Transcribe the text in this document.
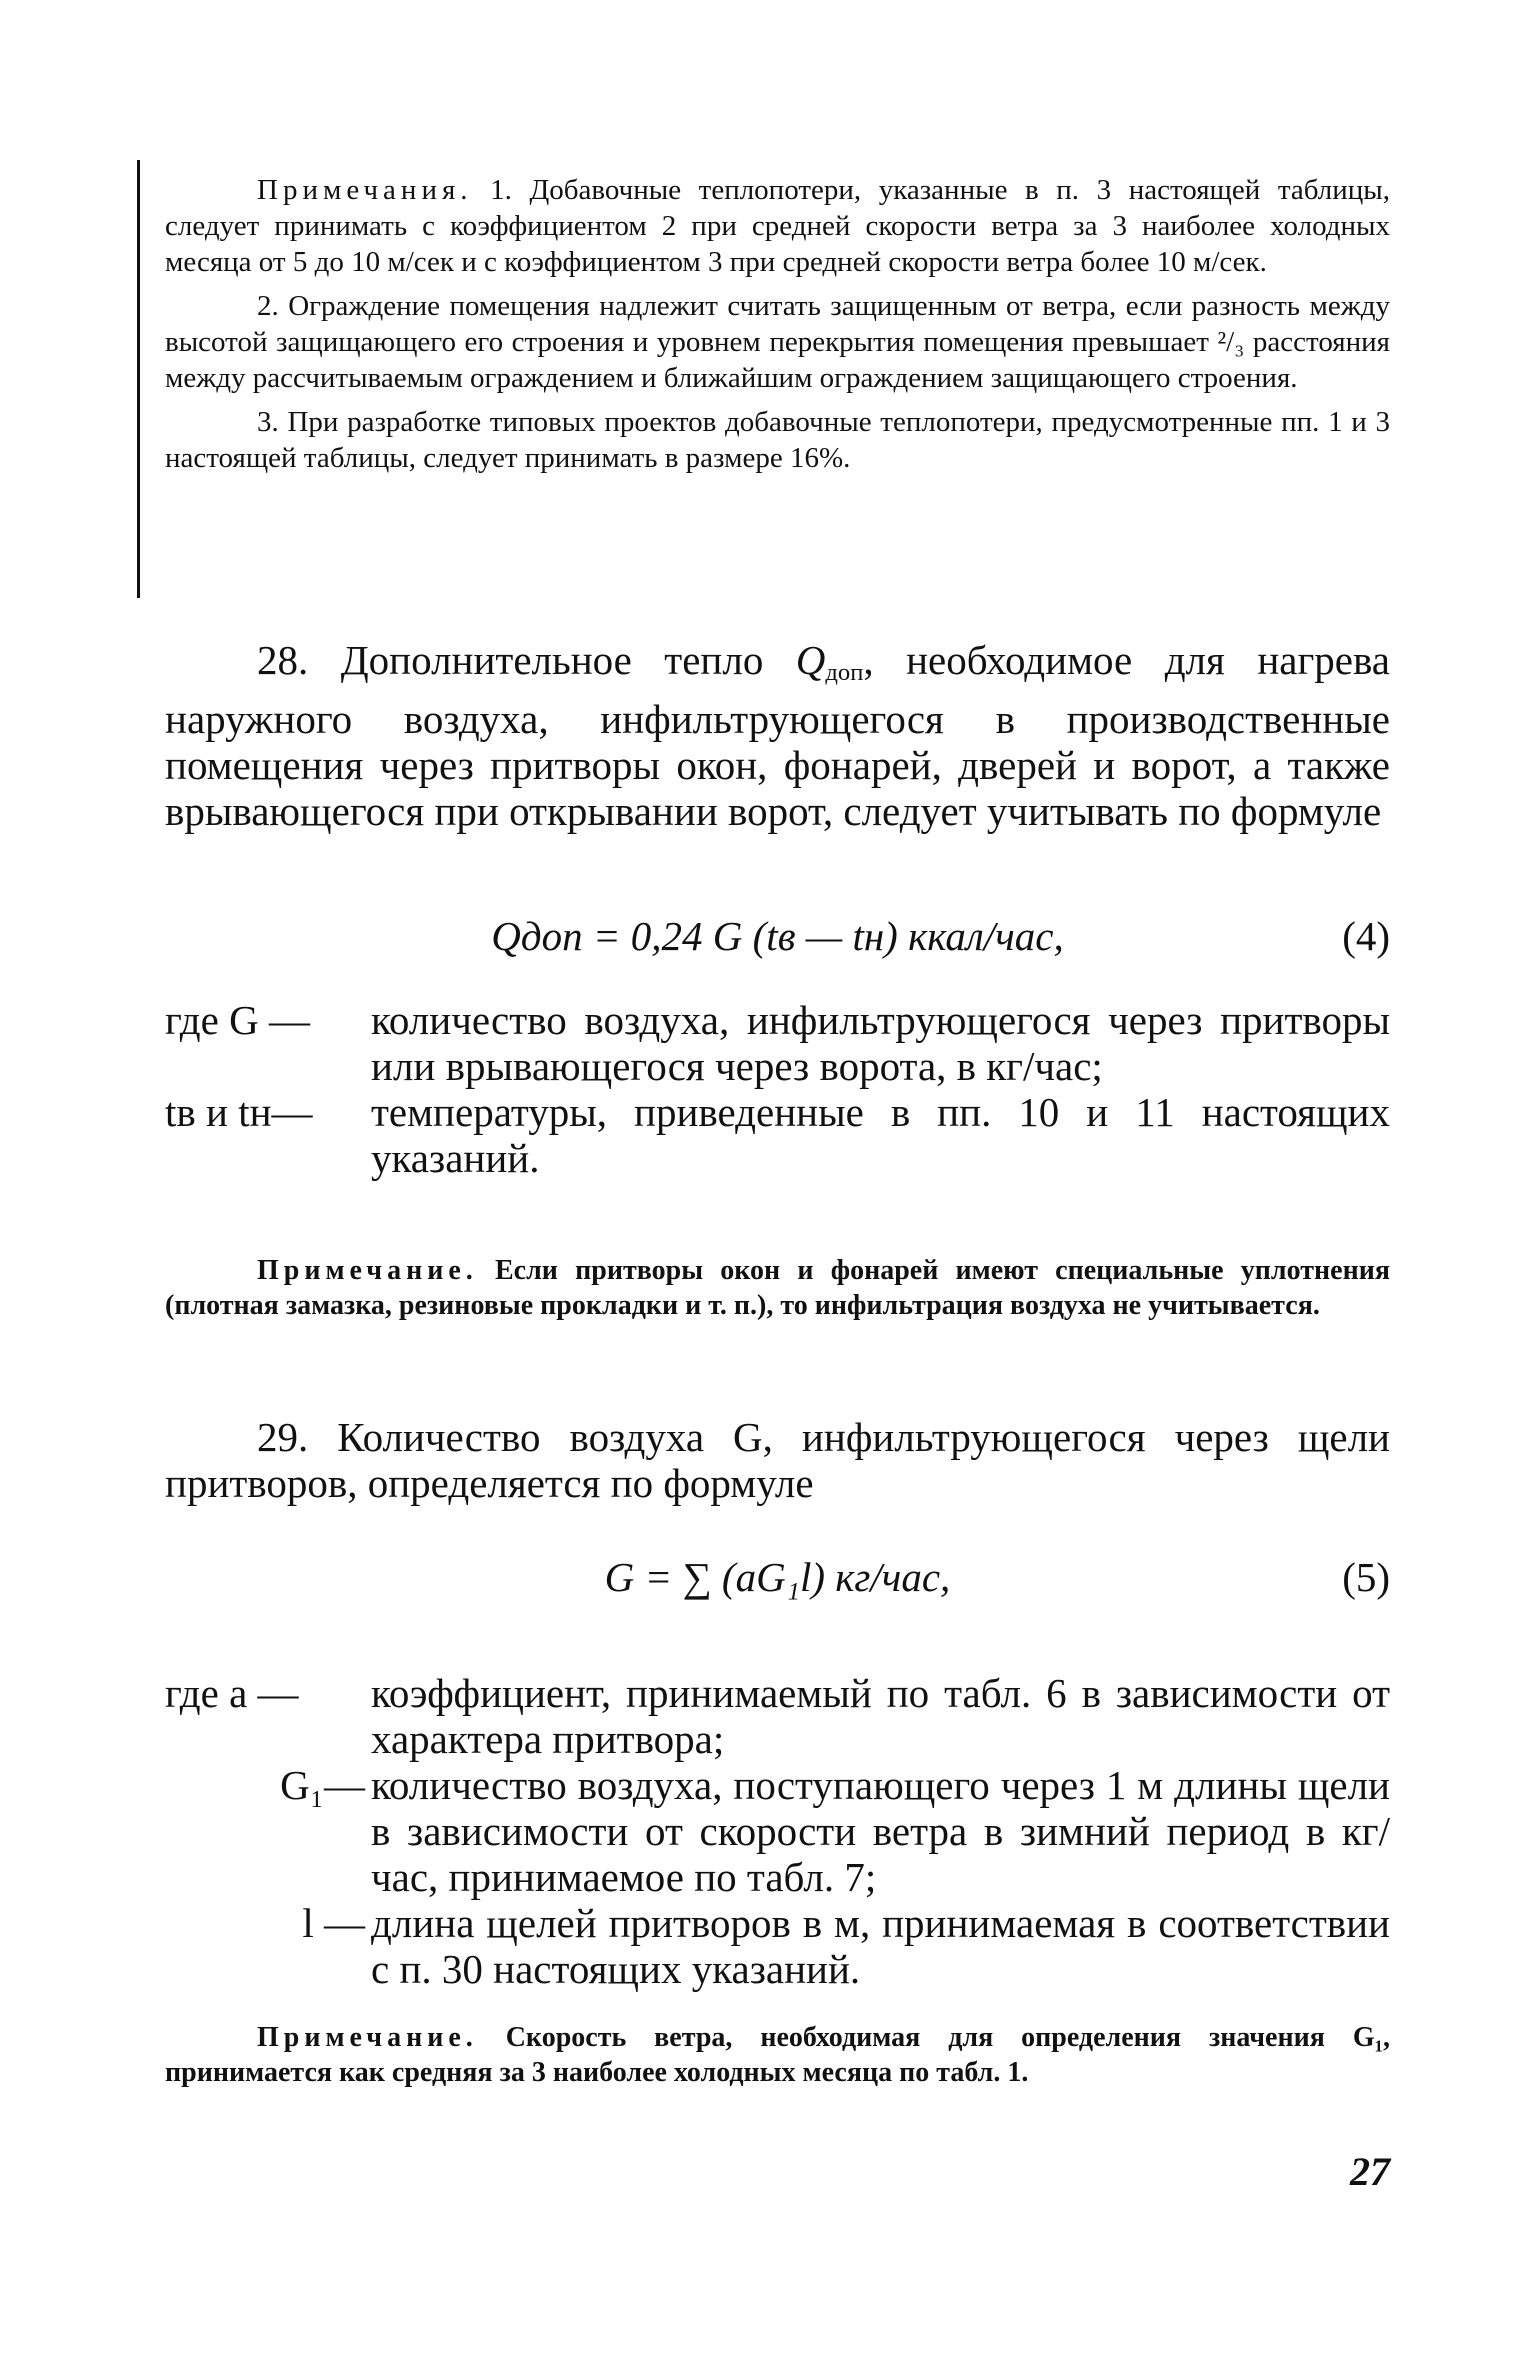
Примечания. 1. Добавочные теплопотери, указанные в п. 3 настоящей таблицы, следует принимать с коэффициентом 2 при средней скорости ветра за 3 наиболее холодных месяца от 5 до 10 м/сек и с коэффициентом 3 при средней скорости ветра более 10 м/сек.

2. Ограждение помещения надлежит считать защищенным от ветра, если разность между высотой защищающего его строения и уровнем перекрытия помещения превышает ²/₃ расстояния между рассчитываемым ограждением и ближайшим ограждением защищающего строения.

3. При разработке типовых проектов добавочные теплопотери, предусмотренные пп. 1 и 3 настоящей таблицы, следует принимать в размере 16%.

28. Дополнительное тепло $Q_{доп}$, необходимое для нагрева наружного воздуха, инфильтрующегося в производственные помещения через притворы окон, фонарей, дверей и ворот, а также врывающегося при открывании ворот, следует учитывать по формуле

Qдоп = 0,24 G (tв — tн) ккал/час,	(4)
где G —	количество воздуха, инфильтрующегося через притворы или врывающегося через ворота, в кг/час;
tв и tн—	температуры, приведенные в пп. 10 и 11 настоящих указаний.

Примечание. Если притворы окон и фонарей имеют специальные уплотнения (плотная замазка, резиновые прокладки и т. п.), то инфильтрация воздуха не учитывается.

29. Количество воздуха G, инфильтрующегося через щели притворов, определяется по формуле

G = ∑ (aG₁l) кг/час,	(5)
где a —	коэффициент, принимаемый по табл. 6 в зависимости от характера притвора;
G₁— количество воздуха, поступающего через 1 м длины щели в зависимости от скорости ветра в зимний период в кг/час, принимаемое по табл. 7;
l — длина щелей притворов в м, принимаемая в соответствии с п. 30 настоящих указаний.

Примечание. Скорость ветра, необходимая для определения значения G₁, принимается как средняя за 3 наиболее холодных месяца по табл. 1.

27
